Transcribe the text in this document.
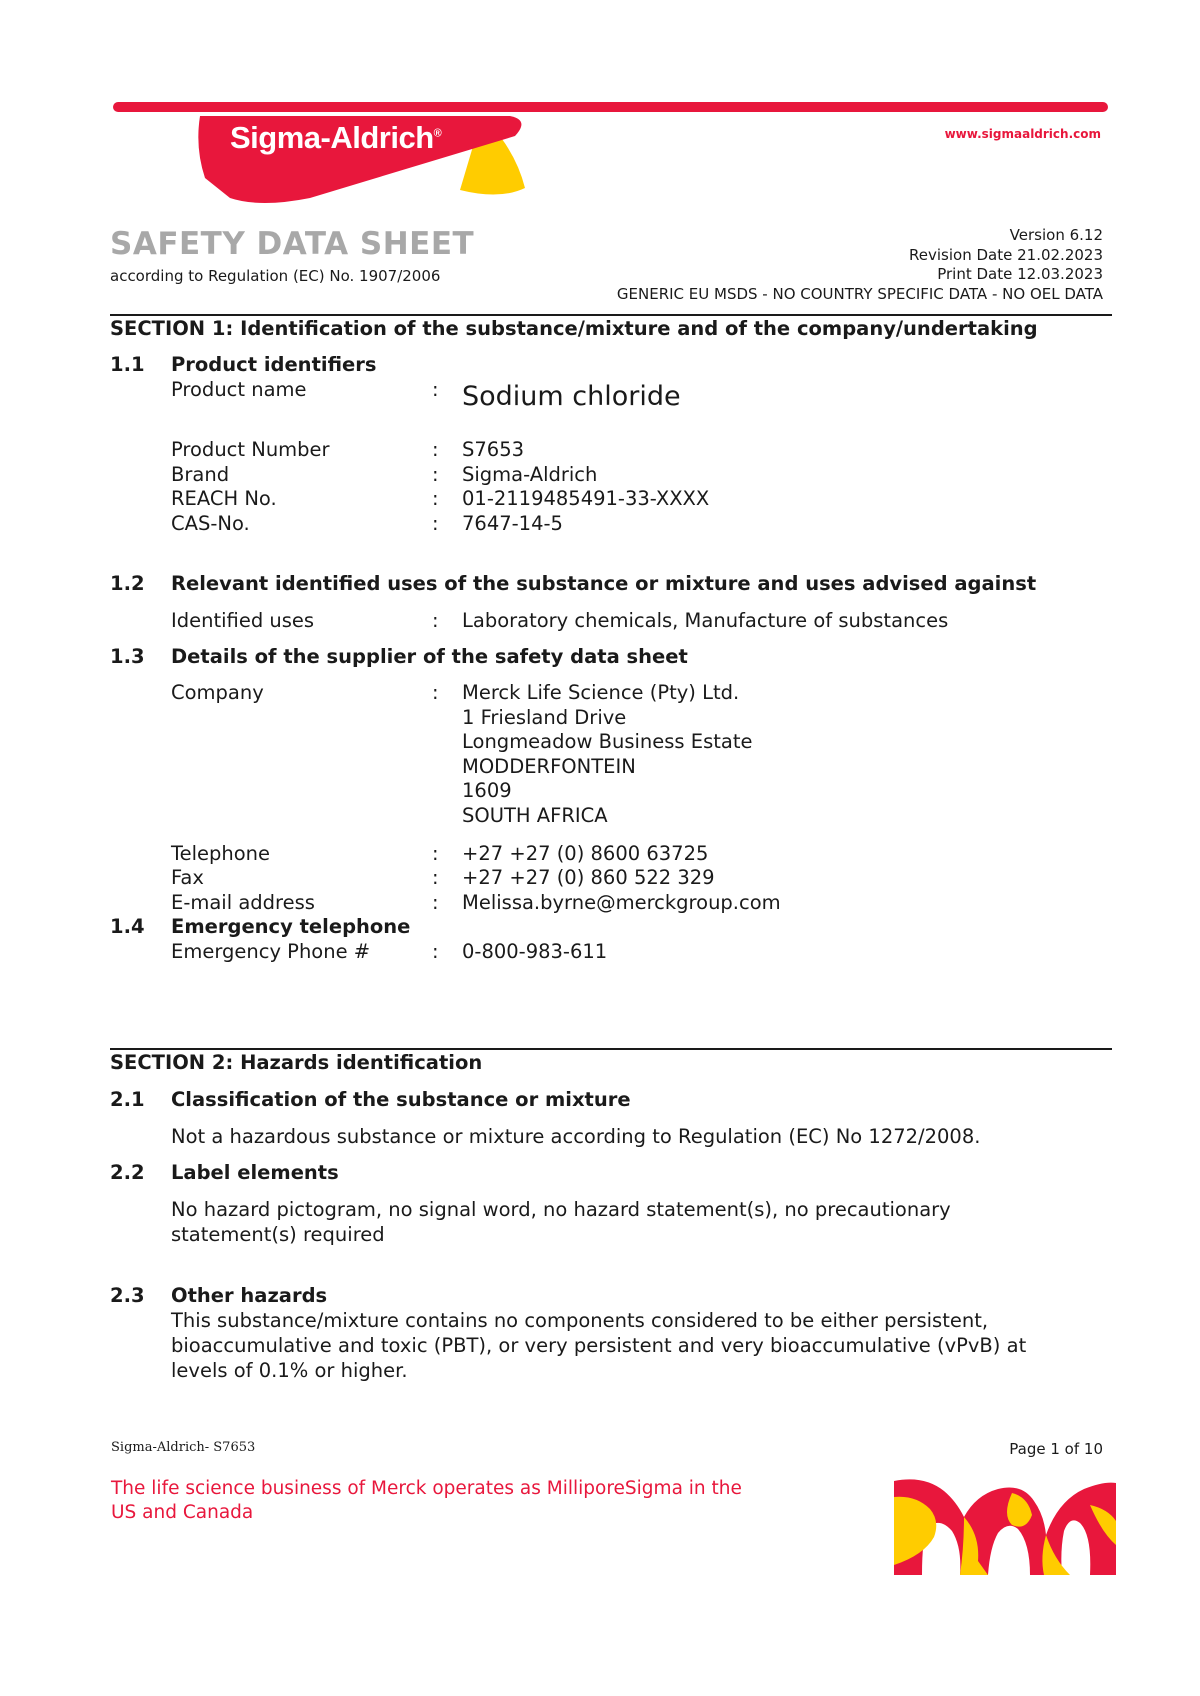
Sigma-Aldrich®	www.sigmaaldrich.com
SAFETY DATA SHEET
according to Regulation (EC) No. 1907/2006
Version 6.12
Revision Date 21.02.2023
Print Date 12.03.2023
GENERIC EU MSDS - NO COUNTRY SPECIFIC DATA - NO OEL DATA
SECTION 1: Identification of the substance/mixture and of the company/undertaking
1.1 Product identifiers
Product name	: Sodium chloride
Product Number	: S7653
Brand	: Sigma-Aldrich
REACH No.	: 01-2119485491-33-XXXX
CAS-No.	: 7647-14-5
1.2 Relevant identified uses of the substance or mixture and uses advised against
Identified uses	: Laboratory chemicals, Manufacture of substances
1.3 Details of the supplier of the safety data sheet
Company	: Merck Life Science (Pty) Ltd.
1 Friesland Drive
Longmeadow Business Estate
MODDERFONTEIN
1609
SOUTH AFRICA
Telephone	: +27 +27 (0) 8600 63725
Fax	: +27 +27 (0) 860 522 329
E-mail address	: Melissa.byrne@merckgroup.com
1.4 Emergency telephone
Emergency Phone #	: 0-800-983-611
SECTION 2: Hazards identification
2.1 Classification of the substance or mixture
Not a hazardous substance or mixture according to Regulation (EC) No 1272/2008.
2.2 Label elements
No hazard pictogram, no signal word, no hazard statement(s), no precautionary statement(s) required
2.3 Other hazards
This substance/mixture contains no components considered to be either persistent, bioaccumulative and toxic (PBT), or very persistent and very bioaccumulative (vPvB) at levels of 0.1% or higher.
Sigma-Aldrich- S7653	Page 1 of 10
The life science business of Merck operates as MilliporeSigma in the US and Canada
